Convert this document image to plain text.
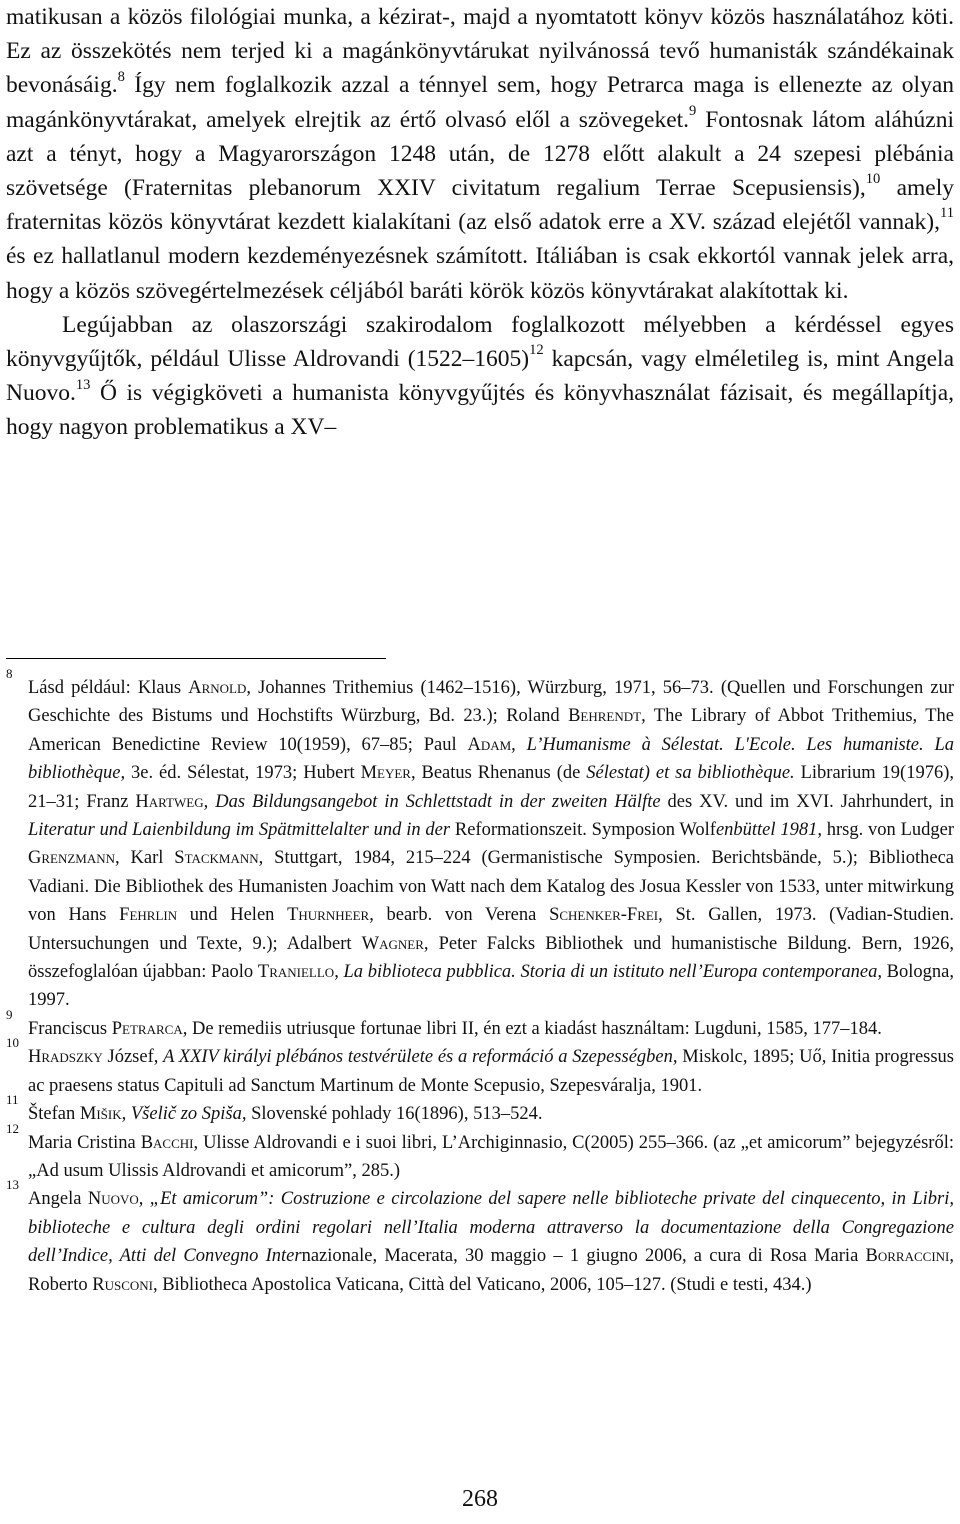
matikusan a közös filológiai munka, a kézirat-, majd a nyomtatott könyv közös használatához köti. Ez az összekötés nem terjed ki a magánkönyvtárukat nyilvánossá tevő humanisták szándékainak bevonásáig.$^8$ Így nem foglalkozik azzal a ténnyel sem, hogy Petrarca maga is ellenezte az olyan magánkönyvtárakat, amelyek elrejtik az értő olvasó elől a szövegeket.$^9$ Fontosnak látom aláhúzni azt a tényt, hogy a Magyarországon 1248 után, de 1278 előtt alakult a 24 szepesi plébánia szövetsége (Fraternitas plebanorum XXIV civitatum regalium Terrae Scepusiensis),$^{10}$ amely fraternitas közös könyvtárat kezdett kialakítani (az első adatok erre a XV. század elejétől vannak),$^{11}$ és ez hallatlanul modern kezdeményezésnek számított. Itáliában is csak ekkortól vannak jelek arra, hogy a közös szövegértelmezések céljából baráti körök közös könyvtárakat alakítottak ki.

Legújabban az olaszországi szakirodalom foglalkozott mélyebben a kérdéssel egyes könyvgyűjtők, például Ulisse Aldrovandi (1522–1605)$^{12}$ kapcsán, vagy elméletileg is, mint Angela Nuovo.$^{13}$ Ő is végigköveti a humanista könyvgyűjtés és könyvhasználat fázisait, és megállapítja, hogy nagyon problematikus a XV–

8
Lásd például: Klaus Arnold, Johannes Trithemius (1462–1516), Würzburg, 1971, 56–73. (Quellen und Forschungen zur Geschichte des Bistums und Hochstifts Würzburg, Bd. 23.); Roland Behrendt, The Library of Abbot Trithemius, The American Benedictine Review 10(1959), 67–85; Paul Adam, L’Humanisme à Sélestat. L'Ecole. Les humaniste. La bibliothèque, 3e. éd. Sélestat, 1973; Hubert Meyer, Beatus Rhenanus (de Sélestat) et sa bibliothèque. Librarium 19(1976), 21–31; Franz Hartweg, Das Bildungsangebot in Schlettstadt in der zweiten Hälfte des XV. und im XVI. Jahrhundert, in Literatur und Laienbildung im Spätmittelalter und in der Reformationszeit. Symposion Wolfenbüttel 1981, hrsg. von Ludger Grenzmann, Karl Stackmann, Stuttgart, 1984, 215–224 (Germanistische Symposien. Berichtsbände, 5.); Bibliotheca Vadiani. Die Bibliothek des Humanisten Joachim von Watt nach dem Katalog des Josua Kessler von 1533, unter mitwirkung von Hans Fehrlin und Helen Thurnheer, bearb. von Verena Schenker-Frei, St. Gallen, 1973. (Vadian-Studien. Untersuchungen und Texte, 9.); Adalbert Wagner, Peter Falcks Bibliothek und humanistische Bildung. Bern, 1926, összefoglalóan újabban: Paolo Traniello, La biblioteca pubblica. Storia di un istituto nell’Europa contemporanea, Bologna, 1997.

9
Franciscus Petrarca, De remediis utriusque fortunae libri II, én ezt a kiadást használtam: Lugduni, 1585, 177–184.

10
Hradszky József, A XXIV királyi plébános testvérülete és a reformáció a Szepességben, Miskolc, 1895; Uő, Initia progressus ac praesens status Capituli ad Sanctum Martinum de Monte Scepusio, Szepesváralja, 1901.

11
Štefan Mišik, Všelič zo Spiša, Slovenské pohlady 16(1896), 513–524.

12
Maria Cristina Bacchi, Ulisse Aldrovandi e i suoi libri, L’Archiginnasio, C(2005) 255–366. (az „et amicorum” bejegyzésről: „Ad usum Ulissis Aldrovandi et amicorum”, 285.)

13
Angela Nuovo, „Et amicorum”: Costruzione e circolazione del sapere nelle biblioteche private del cinquecento, in Libri, biblioteche e cultura degli ordini regolari nell’Italia moderna attraverso la documentazione della Congregazione dell’Indice, Atti del Convegno Internazionale, Macerata, 30 maggio – 1 giugno 2006, a cura di Rosa Maria Borraccini, Roberto Rusconi, Bibliotheca Apostolica Vaticana, Città del Vaticano, 2006, 105–127. (Studi e testi, 434.)

268
